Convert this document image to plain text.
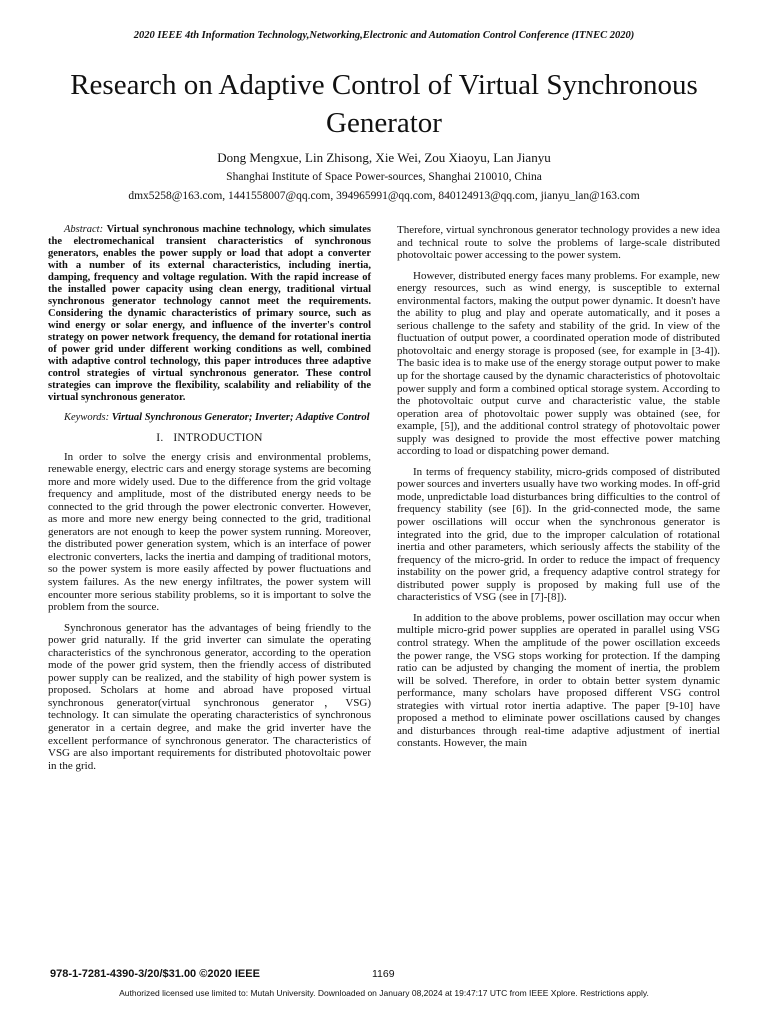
2020 IEEE 4th Information Technology,Networking,Electronic and Automation Control Conference (ITNEC 2020)
Research on Adaptive Control of Virtual Synchronous Generator
Dong Mengxue, Lin Zhisong, Xie Wei, Zou Xiaoyu, Lan Jianyu
Shanghai Institute of Space Power-sources, Shanghai 210010, China
dmx5258@163.com, 1441558007@qq.com, 394965991@qq.com, 840124913@qq.com, jianyu_lan@163.com

Abstract: Virtual synchronous machine technology, which simulates the electromechanical transient characteristics of synchronous generators, enables the power supply or load that adopt a converter with a number of its external characteristics, including inertia, damping, frequency and voltage regulation. With the rapid increase of the installed power capacity using clean energy, traditional virtual synchronous generator technology cannot meet the requirements. Considering the dynamic characteristics of primary source, such as wind energy or solar energy, and influence of the inverter's control strategy on power network frequency, the demand for rotational inertia of power grid under different working conditions as well, combined with adaptive control technology, this paper introduces three adaptive control strategies of virtual synchronous generator. These control strategies can improve the flexibility, scalability and reliability of the virtual synchronous generator.

Keywords: Virtual Synchronous Generator; Inverter; Adaptive Control

I. INTRODUCTION

In order to solve the energy crisis and environmental problems, renewable energy, electric cars and energy storage systems are becoming more and more widely used. Due to the difference from the grid voltage frequency and amplitude, most of the distributed energy needs to be connected to the grid through the power electronic converter. However, as more and more new energy being connected to the grid, traditional generators are not enough to keep the power system running. Moreover, the distributed power generation system, which is an interface of power electronic converters, lacks the inertia and damping of traditional motors, so the power system is more easily affected by power fluctuations and system failures. As the new energy infiltrates, the power system will encounter more serious stability problems, so it is important to solve the problem from the source.

Synchronous generator has the advantages of being friendly to the power grid naturally. If the grid inverter can simulate the operating characteristics of the synchronous generator, according to the operation mode of the power grid system, then the friendly access of distributed power supply can be realized, and the stability of high power system is proposed. Scholars at home and abroad have proposed virtual synchronous generator(virtual synchronous generator，VSG) technology. It can simulate the operating characteristics of synchronous generator in a certain degree, and make the grid inverter have the excellent performance of synchronous generator. The characteristics of VSG are also important requirements for distributed photovoltaic power in the grid.

Therefore, virtual synchronous generator technology provides a new idea and technical route to solve the problems of large-scale distributed photovoltaic power accessing to the power system.

However, distributed energy faces many problems. For example, new energy resources, such as wind energy, is susceptible to external environmental factors, making the output power dynamic. It doesn't have the ability to plug and play and operate automatically, and it poses a serious challenge to the safety and stability of the grid. In view of the fluctuation of output power, a coordinated operation mode of distributed photovoltaic and energy storage is proposed (see, for example in [3-4]). The basic idea is to make use of the energy storage output power to make up for the shortage caused by the dynamic characteristics of photovoltaic power supply and form a combined optical storage system. According to the photovoltaic output curve and characteristic value, the stable operation area of photovoltaic power supply was obtained (see, for example, [5]), and the additional control strategy of photovoltaic power supply was designed to provide the most effective power matching according to load or dispatching power demand.

In terms of frequency stability, micro-grids composed of distributed power sources and inverters usually have two working modes. In off-grid mode, unpredictable load disturbances bring difficulties to the control of frequency stability (see [6]). In the grid-connected mode, the same power oscillations will occur when the synchronous generator is integrated into the grid, due to the improper calculation of rotational inertia and other parameters, which seriously affects the stability of the frequency of the micro-grid. In order to reduce the impact of frequency instability on the power grid, a frequency adaptive control strategy for distributed power supply is proposed by making full use of the characteristics of VSG (see in [7]-[8]).

In addition to the above problems, power oscillation may occur when multiple micro-grid power supplies are operated in parallel using VSG control strategy. When the amplitude of the power oscillation exceeds the power range, the VSG stops working for protection. If the damping ratio can be adjusted by changing the moment of inertia, the problem will be solved. Therefore, in order to obtain better system dynamic performance, many scholars have proposed different VSG control strategies with virtual rotor inertia adaptive. The paper [9-10] have proposed a method to eliminate power oscillations caused by changes and disturbances through real-time adaptive adjustment of inertial constants. However, the main

978-1-7281-4390-3/20/$31.00 ©2020 IEEE	1169
Authorized licensed use limited to: Mutah University. Downloaded on January 08,2024 at 19:47:17 UTC from IEEE Xplore. Restrictions apply.
